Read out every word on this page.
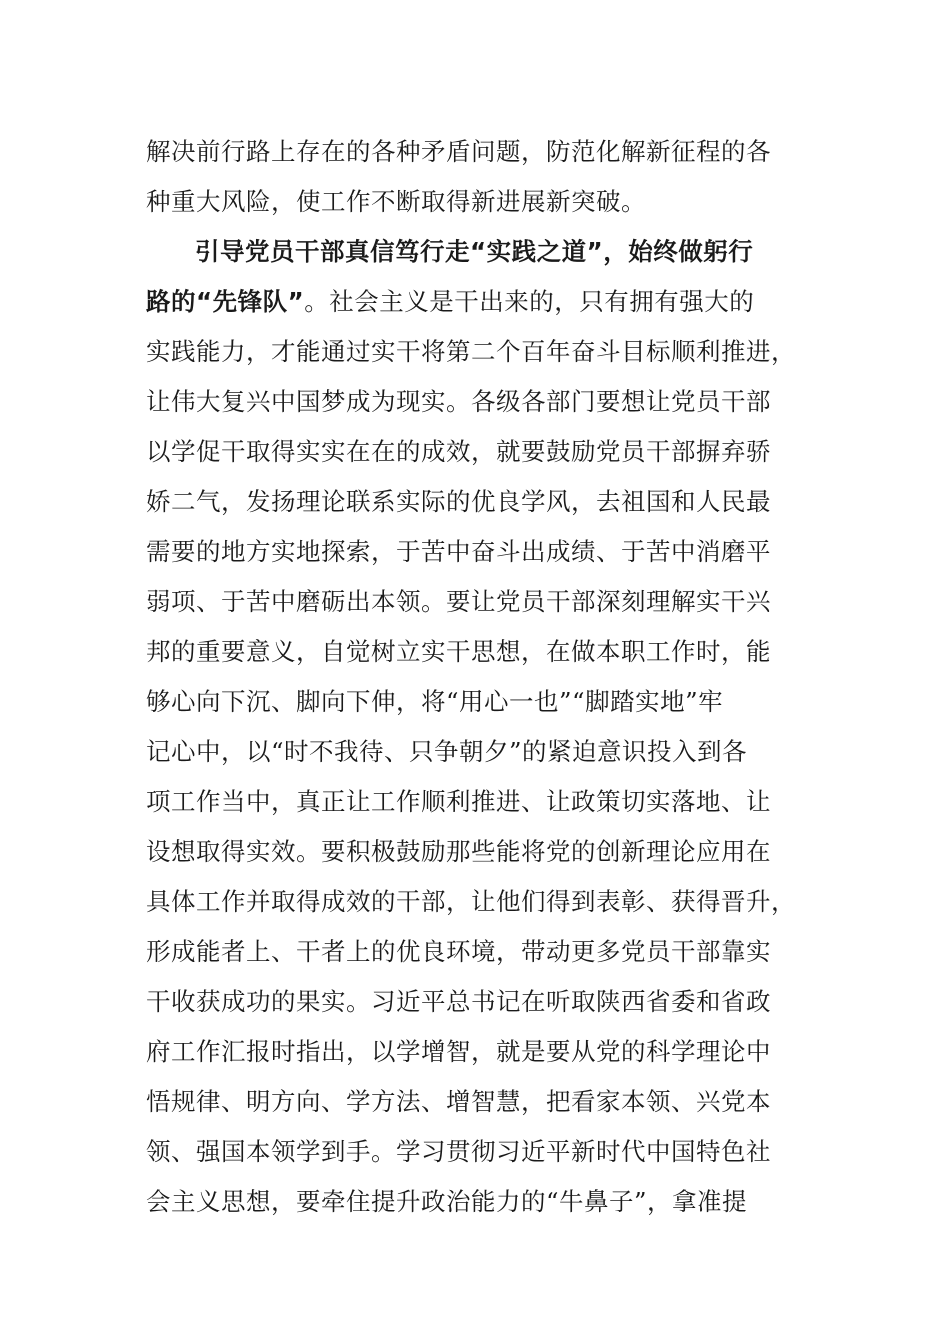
解决前行路上存在的各种矛盾问题，防范化解新征程的各
种重大风险，使工作不断取得新进展新突破。
引导党员干部真信笃行走“实践之道”，始终做躬行
路的“先锋队”。社会主义是干出来的，只有拥有强大的
实践能力，才能通过实干将第二个百年奋斗目标顺利推进，
让伟大复兴中国梦成为现实。各级各部门要想让党员干部
以学促干取得实实在在的成效，就要鼓励党员干部摒弃骄
娇二气，发扬理论联系实际的优良学风，去祖国和人民最
需要的地方实地探索，于苦中奋斗出成绩、于苦中消磨平
弱项、于苦中磨砺出本领。要让党员干部深刻理解实干兴
邦的重要意义，自觉树立实干思想，在做本职工作时，能
够心向下沉、脚向下伸，将“用心一也”“脚踏实地”牢
记心中，以“时不我待、只争朝夕”的紧迫意识投入到各
项工作当中，真正让工作顺利推进、让政策切实落地、让
设想取得实效。要积极鼓励那些能将党的创新理论应用在
具体工作并取得成效的干部，让他们得到表彰、获得晋升，
形成能者上、干者上的优良环境，带动更多党员干部靠实
干收获成功的果实。习近平总书记在听取陕西省委和省政
府工作汇报时指出，以学增智，就是要从党的科学理论中
悟规律、明方向、学方法、增智慧，把看家本领、兴党本
领、强国本领学到手。学习贯彻习近平新时代中国特色社
会主义思想，要牵住提升政治能力的“牛鼻子”，拿准提
